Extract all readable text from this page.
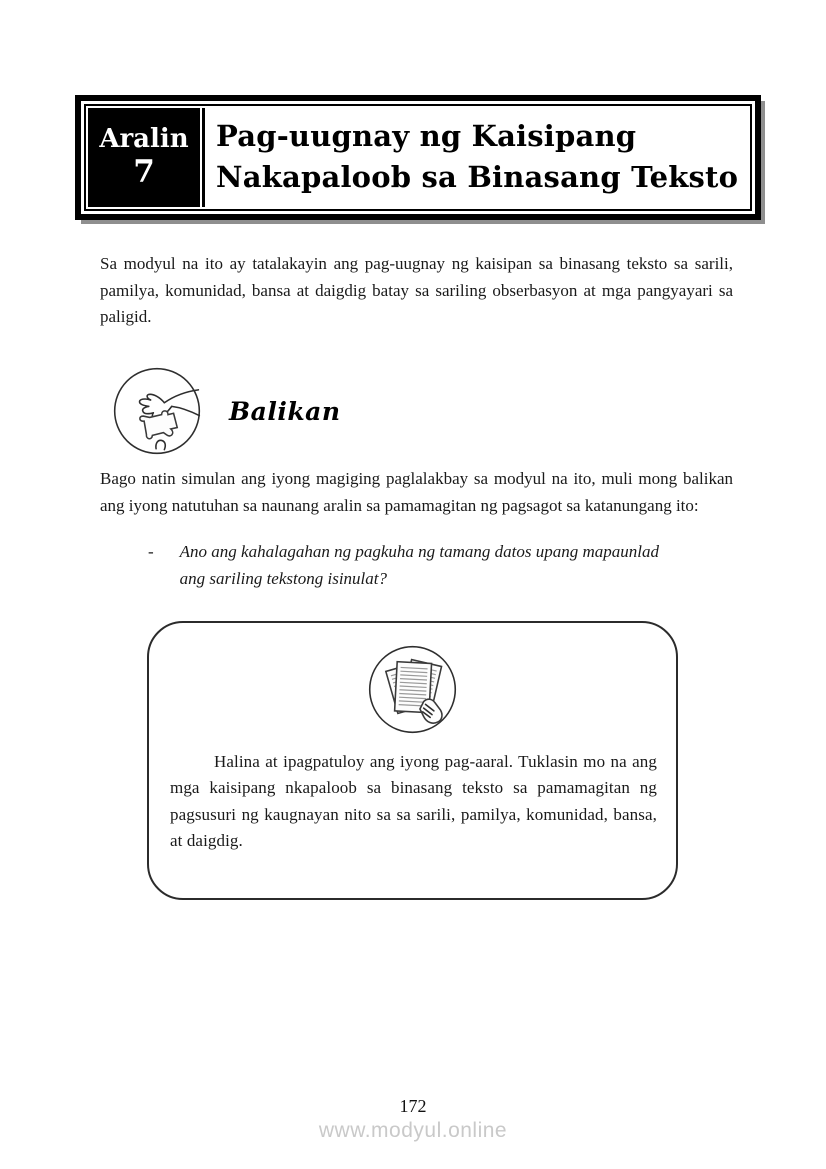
Aralin
7
Pag-uugnay ng Kaisipang
Nakapaloob sa Binasang Teksto

Sa modyul na ito ay tatalakayin ang pag-uugnay ng kaisipan sa binasang teksto sa sarili, pamilya, komunidad, bansa at daigdig batay sa sariling obserbasyon at mga pangyayari sa paligid.

Balikan

Bago natin simulan ang iyong magiging paglalakbay sa modyul na ito, muli mong balikan ang iyong natutuhan sa naunang aralin sa pamamagitan ng pagsagot sa katanungang ito:

- Ano ang kahalagahan ng pagkuha ng tamang datos upang mapaunlad ang sariling tekstong isinulat?

Halina at ipagpatuloy ang iyong pag-aaral. Tuklasin mo na ang mga kaisipang nkapaloob sa binasang teksto sa pamamagitan ng pagsusuri ng kaugnayan nito sa sa sarili, pamilya, komunidad, bansa, at daigdig.

172
www.modyul.online
